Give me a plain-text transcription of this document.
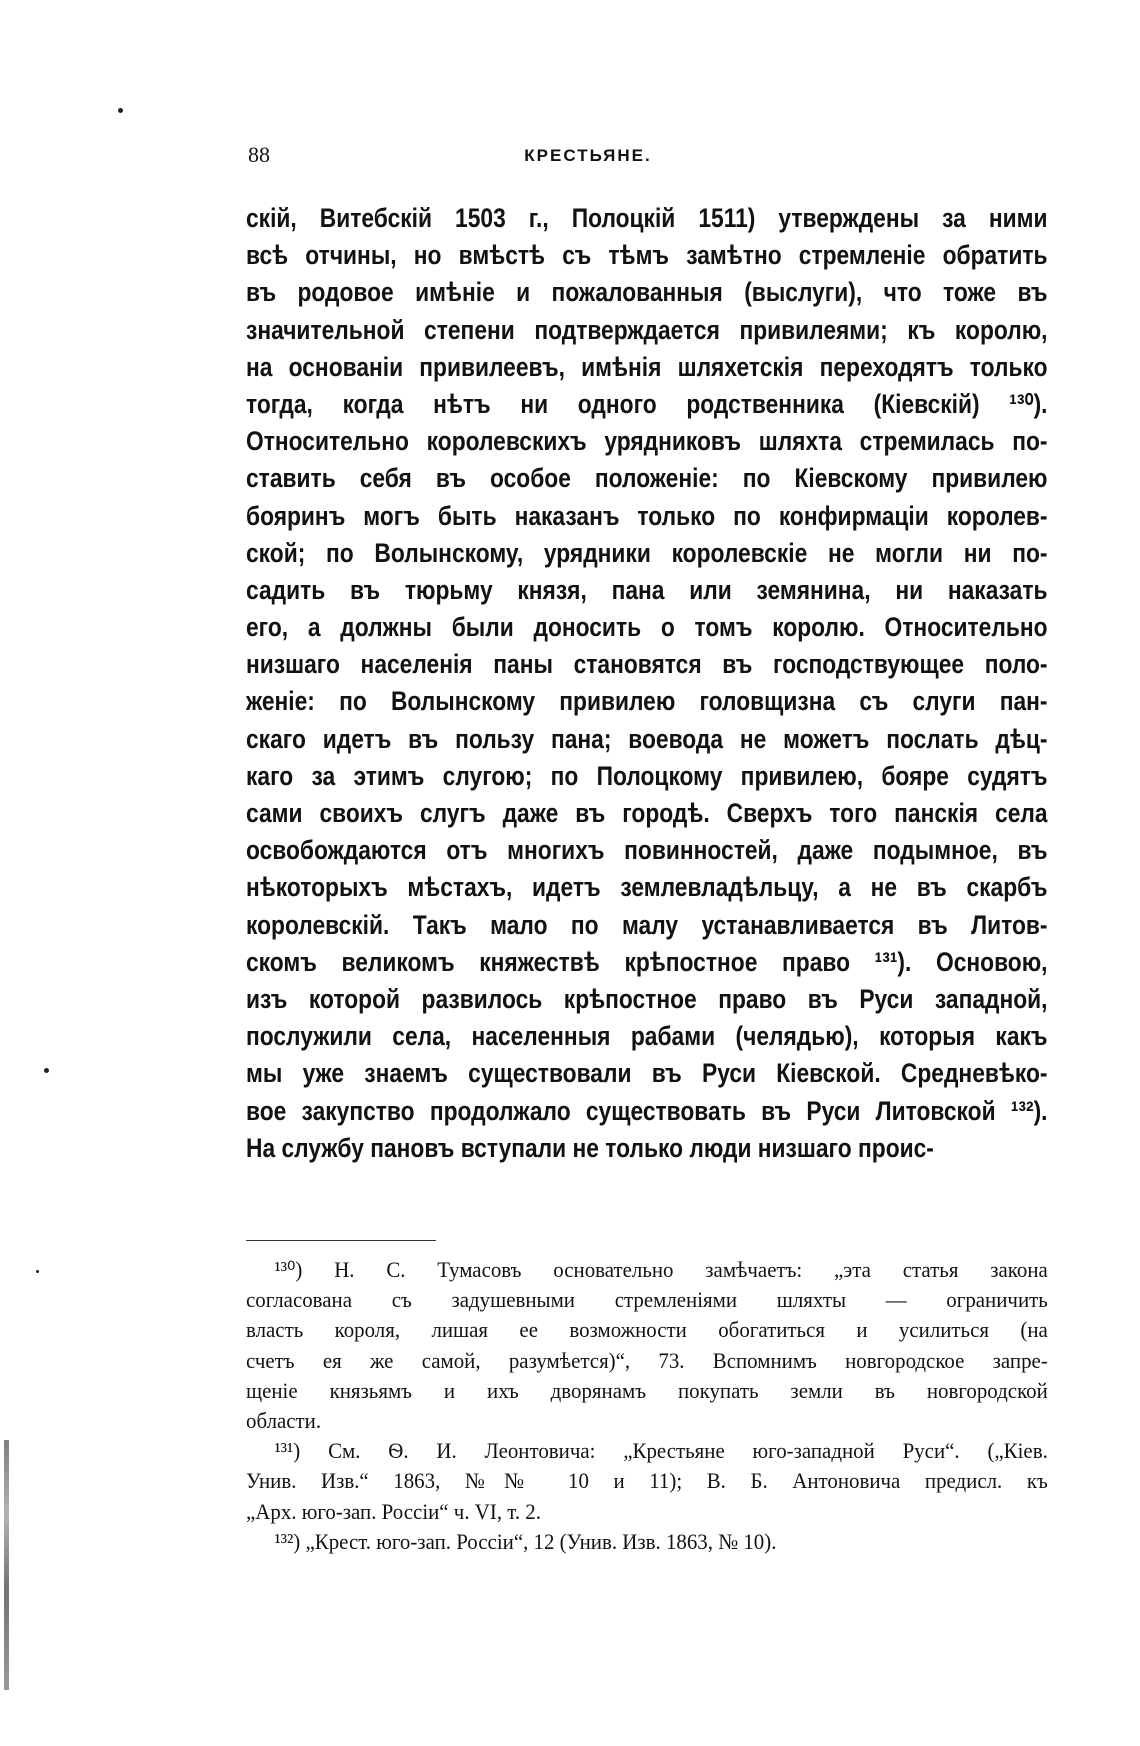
88	КРЕСТЬЯНЕ.
скій, Витебскій 1503 г., Полоцкій 1511) утверждены за ними
всѣ отчины, но вмѣстѣ съ тѣмъ замѣтно стремленіе обратить
въ родовое имѣніе и пожалованныя (выслуги), что тоже въ
значительной степени подтверждается привилеями; къ королю,
на основаніи привилеевъ, имѣнія шляхетскія переходятъ только
тогда, когда нѣтъ ни одного родственника (Кіевскій) ¹³⁰).
Относительно королевскихъ урядниковъ шляхта стремилась по-
ставить себя въ особое положеніе: по Кіевскому привилею
бояринъ могъ быть наказанъ только по конфирмаціи королев-
ской; по Волынскому, урядники королевскіе не могли ни по-
садить въ тюрьму князя, пана или земянина, ни наказать
его, а должны были доносить о томъ королю. Относительно
низшаго населенія паны становятся въ господствующее поло-
женіе: по Волынскому привилею головщизна съ слуги пан-
скаго идетъ въ пользу пана; воевода не можетъ послать дѣц-
каго за этимъ слугою; по Полоцкому привилею, бояре судятъ
сами своихъ слугъ даже въ городѣ. Сверхъ того панскія села
освобождаются отъ многихъ повинностей, даже подымное, въ
нѣкоторыхъ мѣстахъ, идетъ землевладѣльцу, а не въ скарбъ
королевскій. Такъ мало по малу устанавливается въ Литов-
скомъ великомъ княжествѣ крѣпостное право ¹³¹). Основою,
изъ которой развилось крѣпостное право въ Руси западной,
послужили села, населенныя рабами (челядью), которыя какъ
мы уже знаемъ существовали въ Руси Кіевской. Средневѣко-
вое закупство продолжало существовать въ Руси Литовской ¹³²).
На службу пановъ вступали не только люди низшаго проис-
¹³⁰) Н. С. Тумасовъ основательно замѣчаетъ: „эта статья закона
согласована съ задушевными стремленіями шляхты — ограничить
власть короля, лишая ее возможности обогатиться и усилиться (на
счетъ ея же самой, разумѣется)“, 73. Вспомнимъ новгородское запре-
щеніе князьямъ и ихъ дворянамъ покупать земли въ новгородской
области.
¹³¹) См. Ѳ. И. Леонтовича: „Крестьяне юго-западной Руси“. („Кіев.
Унив. Изв.“ 1863, №№ 10 и 11); В. Б. Антоновича предисл. къ
„Арх. юго-зап. Россіи“ ч. VI, т. 2.
¹³²) „Крест. юго-зап. Россіи“, 12 (Унив. Изв. 1863, № 10).
